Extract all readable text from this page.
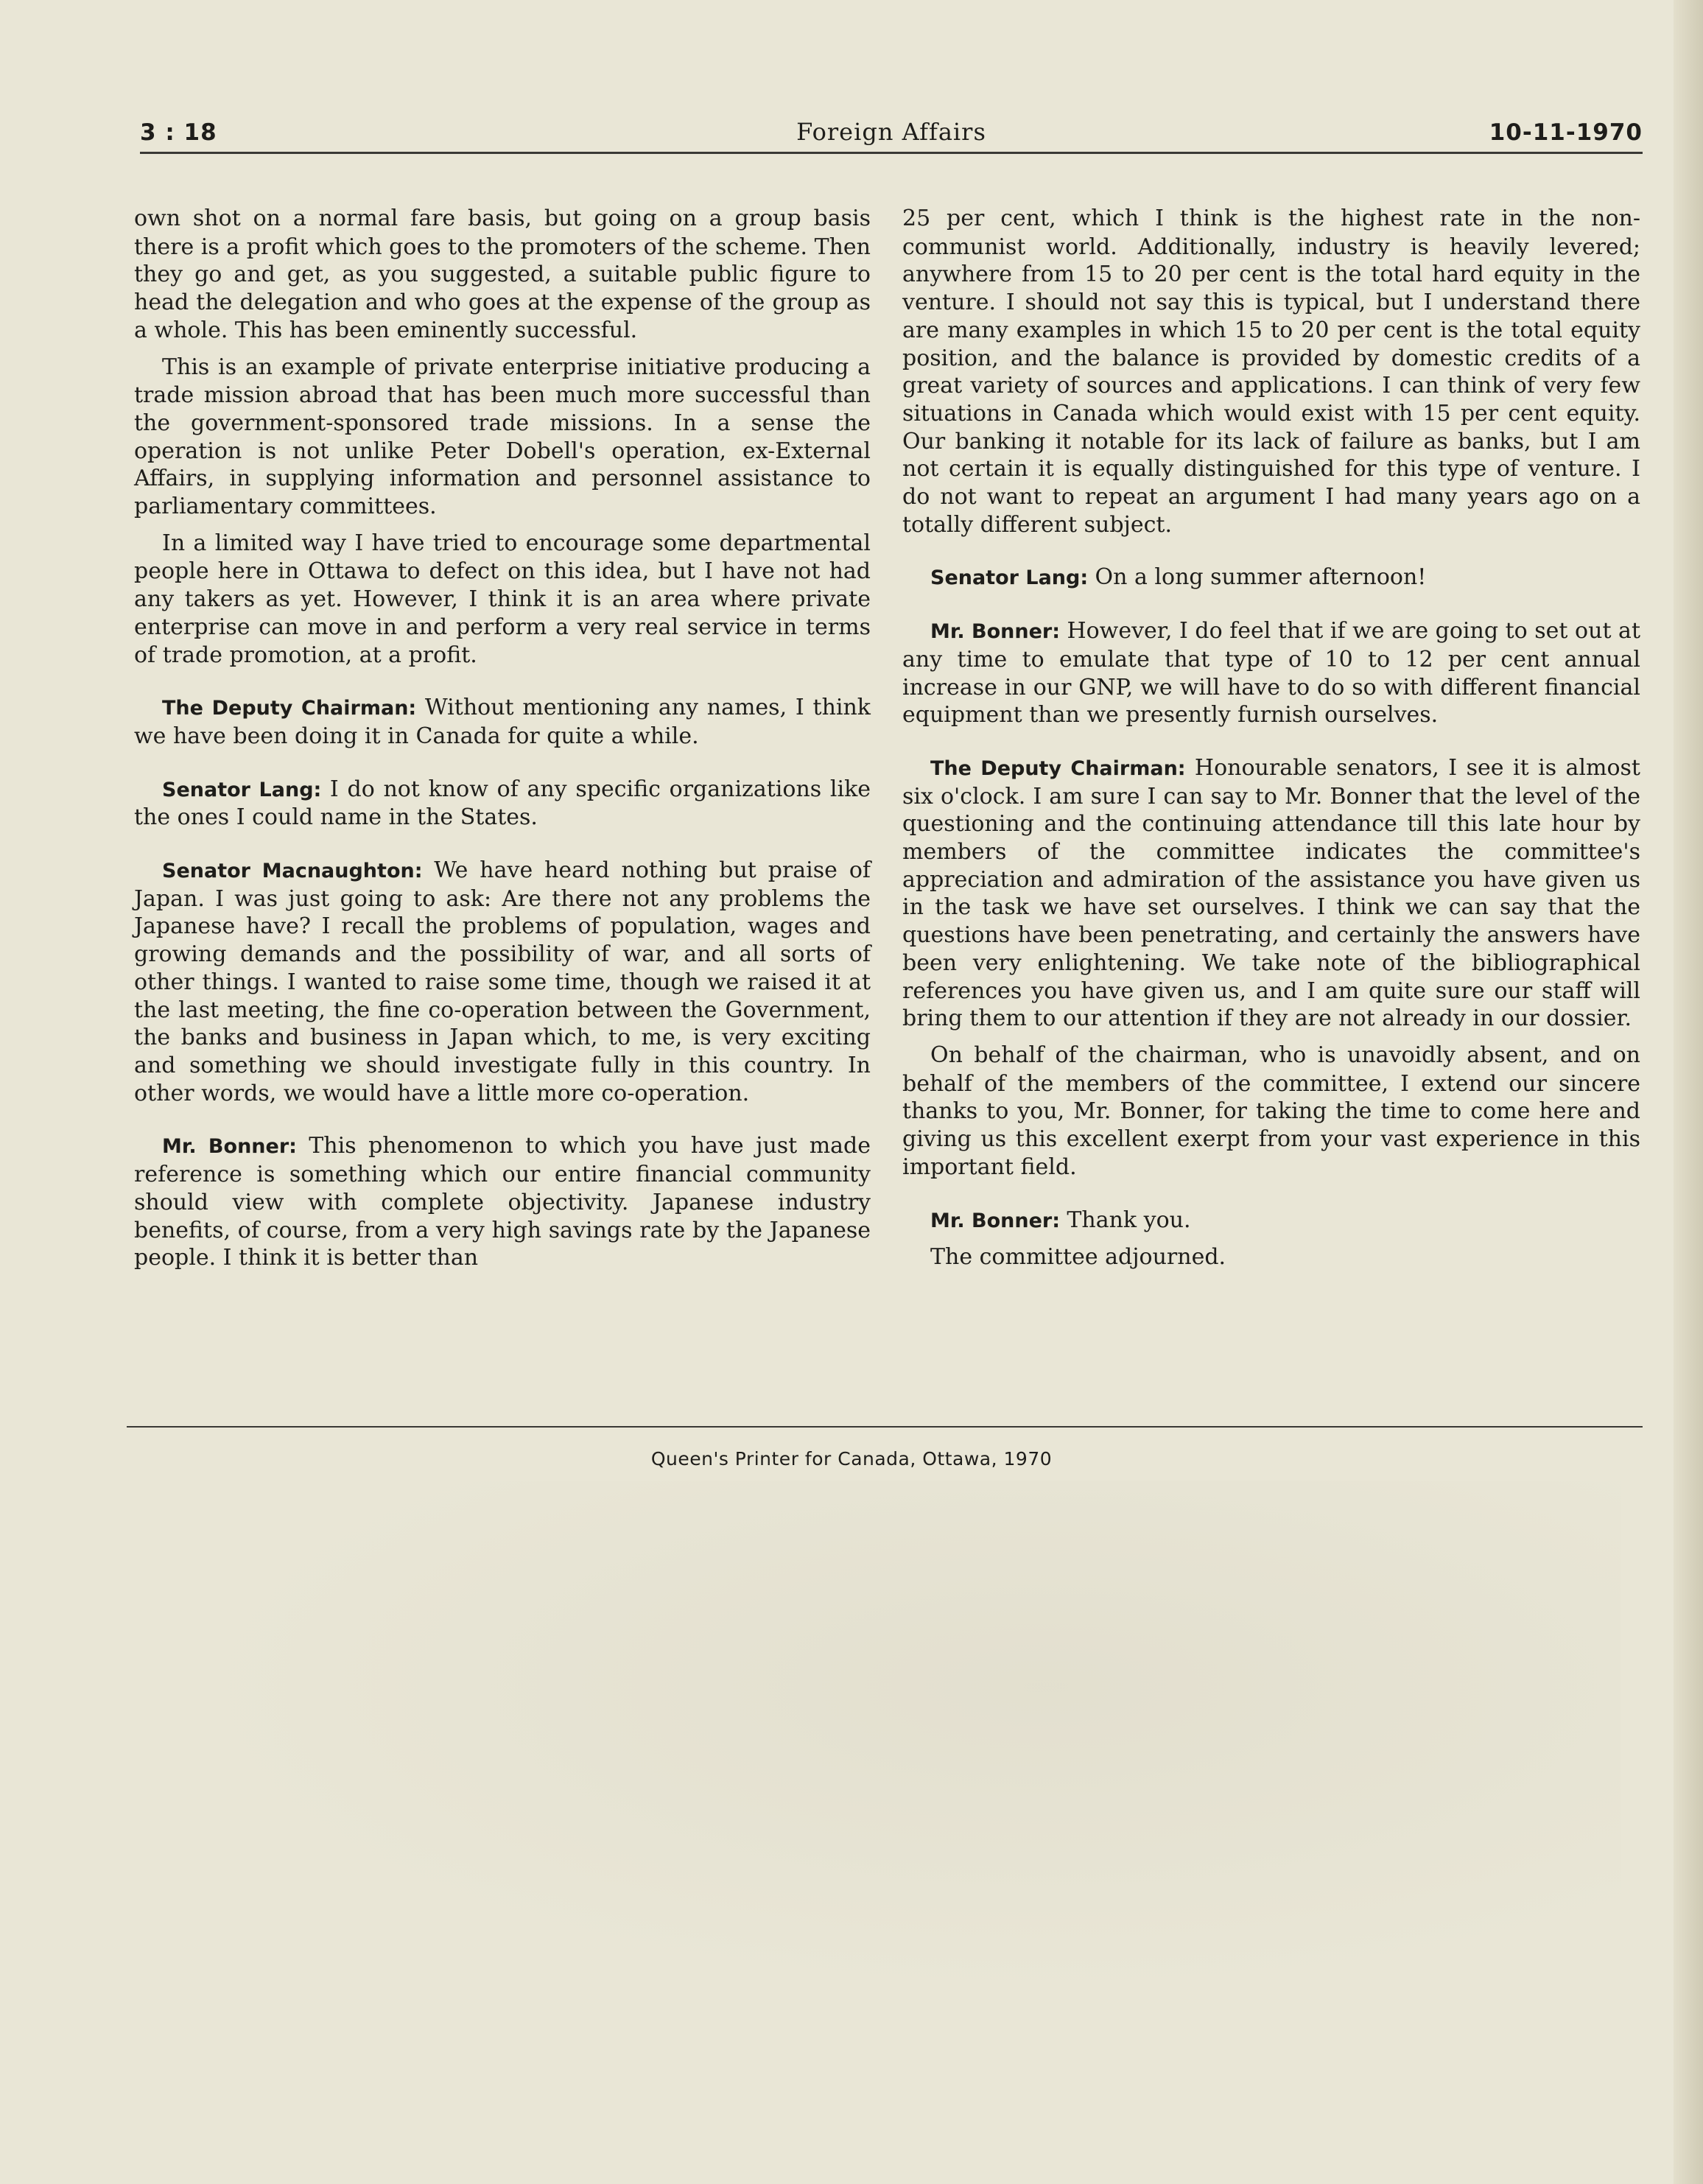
3 : 18	Foreign Affairs	10-11-1970

own shot on a normal fare basis, but going on a group basis there is a profit which goes to the promoters of the scheme. Then they go and get, as you suggested, a suitable public figure to head the delegation and who goes at the expense of the group as a whole. This has been eminently successful.

This is an example of private enterprise initiative producing a trade mission abroad that has been much more successful than the government-sponsored trade missions. In a sense the operation is not unlike Peter Dobell's operation, ex-External Affairs, in supplying information and personnel assistance to parliamentary committees.

In a limited way I have tried to encourage some departmental people here in Ottawa to defect on this idea, but I have not had any takers as yet. However, I think it is an area where private enterprise can move in and perform a very real service in terms of trade promotion, at a profit.

The Deputy Chairman: Without mentioning any names, I think we have been doing it in Canada for quite a while.

Senator Lang: I do not know of any specific organizations like the ones I could name in the States.

Senator Macnaughton: We have heard nothing but praise of Japan. I was just going to ask: Are there not any problems the Japanese have? I recall the problems of population, wages and growing demands and the possibility of war, and all sorts of other things. I wanted to raise some time, though we raised it at the last meeting, the fine co-operation between the Government, the banks and business in Japan which, to me, is very exciting and something we should investigate fully in this country. In other words, we would have a little more co-operation.

Mr. Bonner: This phenomenon to which you have just made reference is something which our entire financial community should view with complete objectivity. Japanese industry benefits, of course, from a very high savings rate by the Japanese people. I think it is better than

25 per cent, which I think is the highest rate in the non-communist world. Additionally, industry is heavily levered; anywhere from 15 to 20 per cent is the total hard equity in the venture. I should not say this is typical, but I understand there are many examples in which 15 to 20 per cent is the total equity position, and the balance is provided by domestic credits of a great variety of sources and applications. I can think of very few situations in Canada which would exist with 15 per cent equity. Our banking it notable for its lack of failure as banks, but I am not certain it is equally distinguished for this type of venture. I do not want to repeat an argument I had many years ago on a totally different subject.

Senator Lang: On a long summer afternoon!

Mr. Bonner: However, I do feel that if we are going to set out at any time to emulate that type of 10 to 12 per cent annual increase in our GNP, we will have to do so with different financial equipment than we presently furnish ourselves.

The Deputy Chairman: Honourable senators, I see it is almost six o'clock. I am sure I can say to Mr. Bonner that the level of the questioning and the continuing attendance till this late hour by members of the committee indicates the committee's appreciation and admiration of the assistance you have given us in the task we have set ourselves. I think we can say that the questions have been penetrating, and certainly the answers have been very enlightening. We take note of the bibliographical references you have given us, and I am quite sure our staff will bring them to our attention if they are not already in our dossier.

On behalf of the chairman, who is unavoidly absent, and on behalf of the members of the committee, I extend our sincere thanks to you, Mr. Bonner, for taking the time to come here and giving us this excellent exerpt from your vast experience in this important field.

Mr. Bonner: Thank you.

The committee adjourned.

Queen's Printer for Canada, Ottawa, 1970
